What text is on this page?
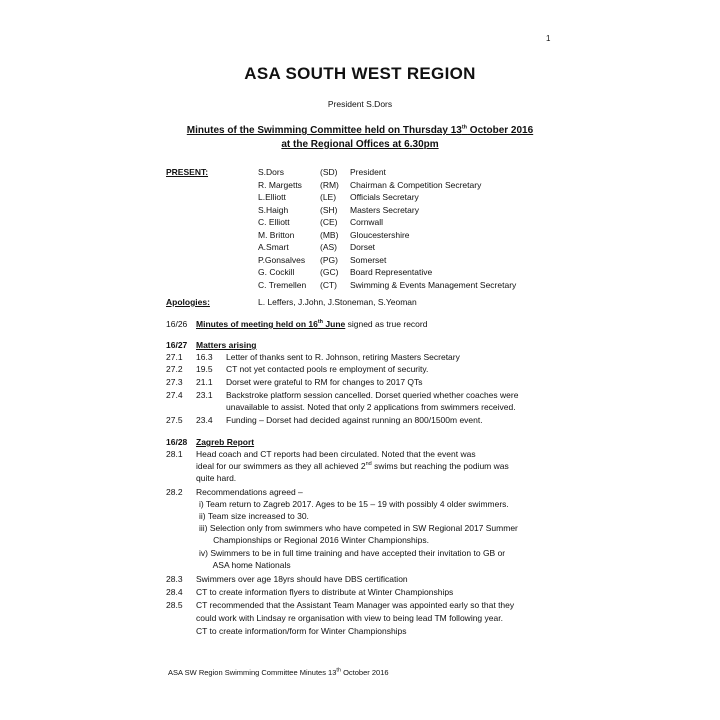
1
ASA SOUTH WEST REGION
President S.Dors
Minutes of the Swimming Committee held on Thursday 13th October 2016
at the Regional Offices at 6.30pm
PRESENT:	S.Dors	(SD) President
R. Margetts (RM) Chairman & Competition Secretary
L.Elliott	(LE) Officials Secretary
S.Haigh	(SH) Masters Secretary
C. Elliott	(CE) Cornwall
M. Britton	(MB) Gloucestershire
A.Smart	(AS) Dorset
P.Gonsalves (PG) Somerset
G. Cockill	(GC) Board Representative
C. Tremellen (CT) Swimming & Events Management Secretary
Apologies:	L. Leffers, J.John, J.Stoneman, S.Yeoman
16/26 Minutes of meeting held on 16th June signed as true record
16/27 Matters arising
27.1 16.3 Letter of thanks sent to R. Johnson, retiring Masters Secretary
27.2 19.5 CT not yet contacted pools re employment of security.
27.3 21.1 Dorset were grateful to RM for changes to 2017 QTs
27.4 23.1 Backstroke platform session cancelled. Dorset queried whether coaches were
unavailable to assist. Noted that only 2 applications from swimmers received.
27.5 23.4 Funding – Dorset had decided against running an 800/1500m event.
16/28 Zagreb Report
28.1 Head coach and CT reports had been circulated. Noted that the event was
ideal for our swimmers as they all achieved 2nd swims but reaching the podium was
quite hard.
28.2 Recommendations agreed –
i) Team return to Zagreb 2017. Ages to be 15 – 19 with possibly 4 older swimmers.
ii) Team size increased to 30.
iii) Selection only from swimmers who have competed in SW Regional 2017 Summer
Championships or Regional 2016 Winter Championships.
iv) Swimmers to be in full time training and have accepted their invitation to GB or
ASA home Nationals
28.3 Swimmers over age 18yrs should have DBS certification
28.4 CT to create information flyers to distribute at Winter Championships
28.5 CT recommended that the Assistant Team Manager was appointed early so that they
could work with Lindsay re organisation with view to being lead TM following year.
CT to create information/form for Winter Championships
ASA SW Region Swimming Committee Minutes 13th October 2016
